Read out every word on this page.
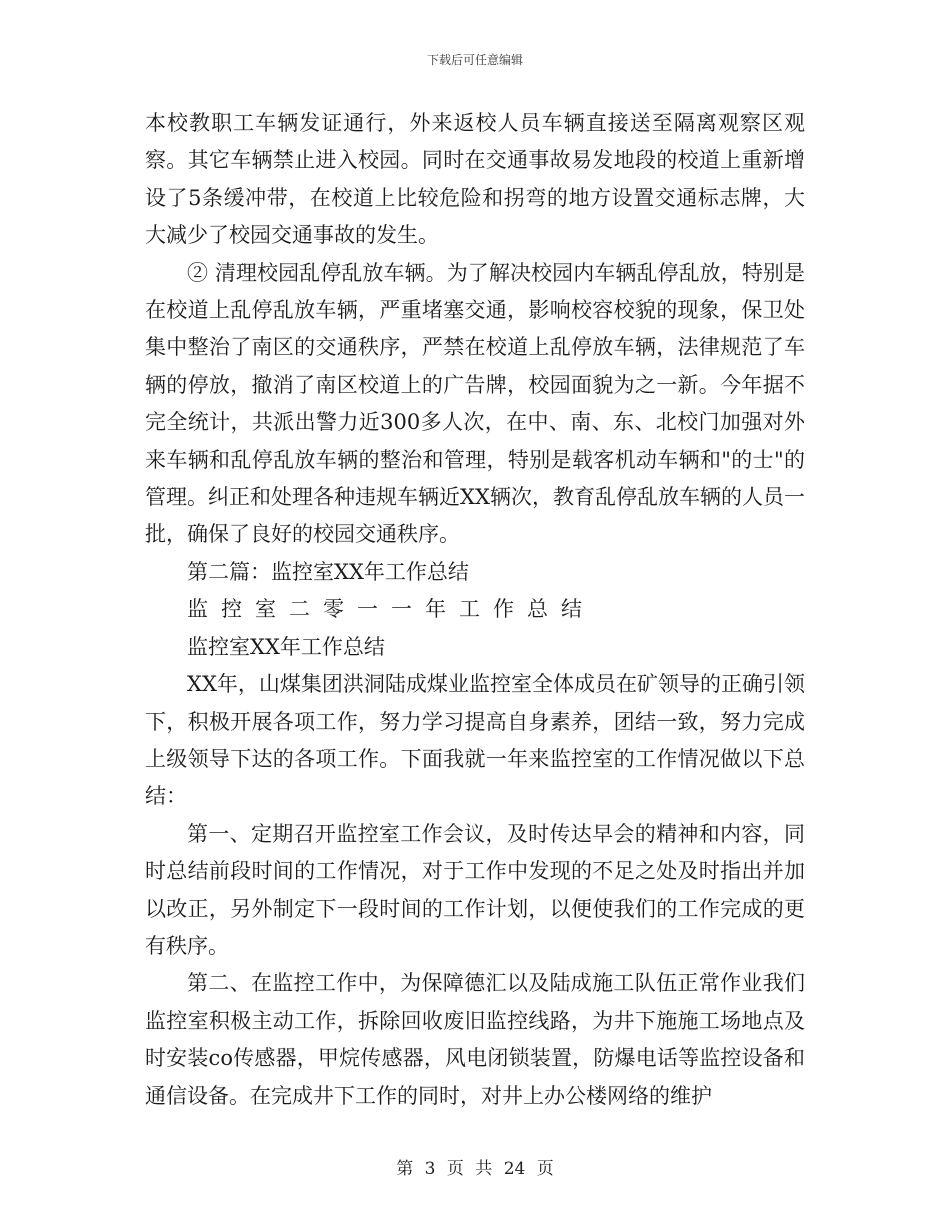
下载后可任意编辑

本校教职工车辆发证通行，外来返校人员车辆直接送至隔离观察区观察。其它车辆禁止进入校园。同时在交通事故易发地段的校道上重新增设了5条缓冲带，在校道上比较危险和拐弯的地方设置交通标志牌，大大减少了校园交通事故的发生。

② 清理校园乱停乱放车辆。为了解决校园内车辆乱停乱放，特别是在校道上乱停乱放车辆，严重堵塞交通，影响校容校貌的现象，保卫处集中整治了南区的交通秩序，严禁在校道上乱停放车辆，法律规范了车辆的停放，撤消了南区校道上的广告牌，校园面貌为之一新。今年据不完全统计，共派出警力近300多人次，在中、南、东、北校门加强对外来车辆和乱停乱放车辆的整治和管理，特别是载客机动车辆和"的士"的管理。纠正和处理各种违规车辆近XX辆次，教育乱停乱放车辆的人员一批，确保了良好的校园交通秩序。

第二篇：监控室XX年工作总结

监控室二零一一年工作总结

监控室XX年工作总结

XX年，山煤集团洪洞陆成煤业监控室全体成员在矿领导的正确引领下，积极开展各项工作，努力学习提高自身素养，团结一致，努力完成上级领导下达的各项工作。下面我就一年来监控室的工作情况做以下总结：

第一、定期召开监控室工作会议，及时传达早会的精神和内容，同时总结前段时间的工作情况，对于工作中发现的不足之处及时指出并加以改正，另外制定下一段时间的工作计划，以便使我们的工作完成的更有秩序。

第二、在监控工作中，为保障德汇以及陆成施工队伍正常作业我们监控室积极主动工作，拆除回收废旧监控线路，为井下施施工场地点及时安装co传感器，甲烷传感器，风电闭锁装置，防爆电话等监控设备和通信设备。在完成井下工作的同时，对井上办公楼网络的维护

第 3 页 共 24 页
